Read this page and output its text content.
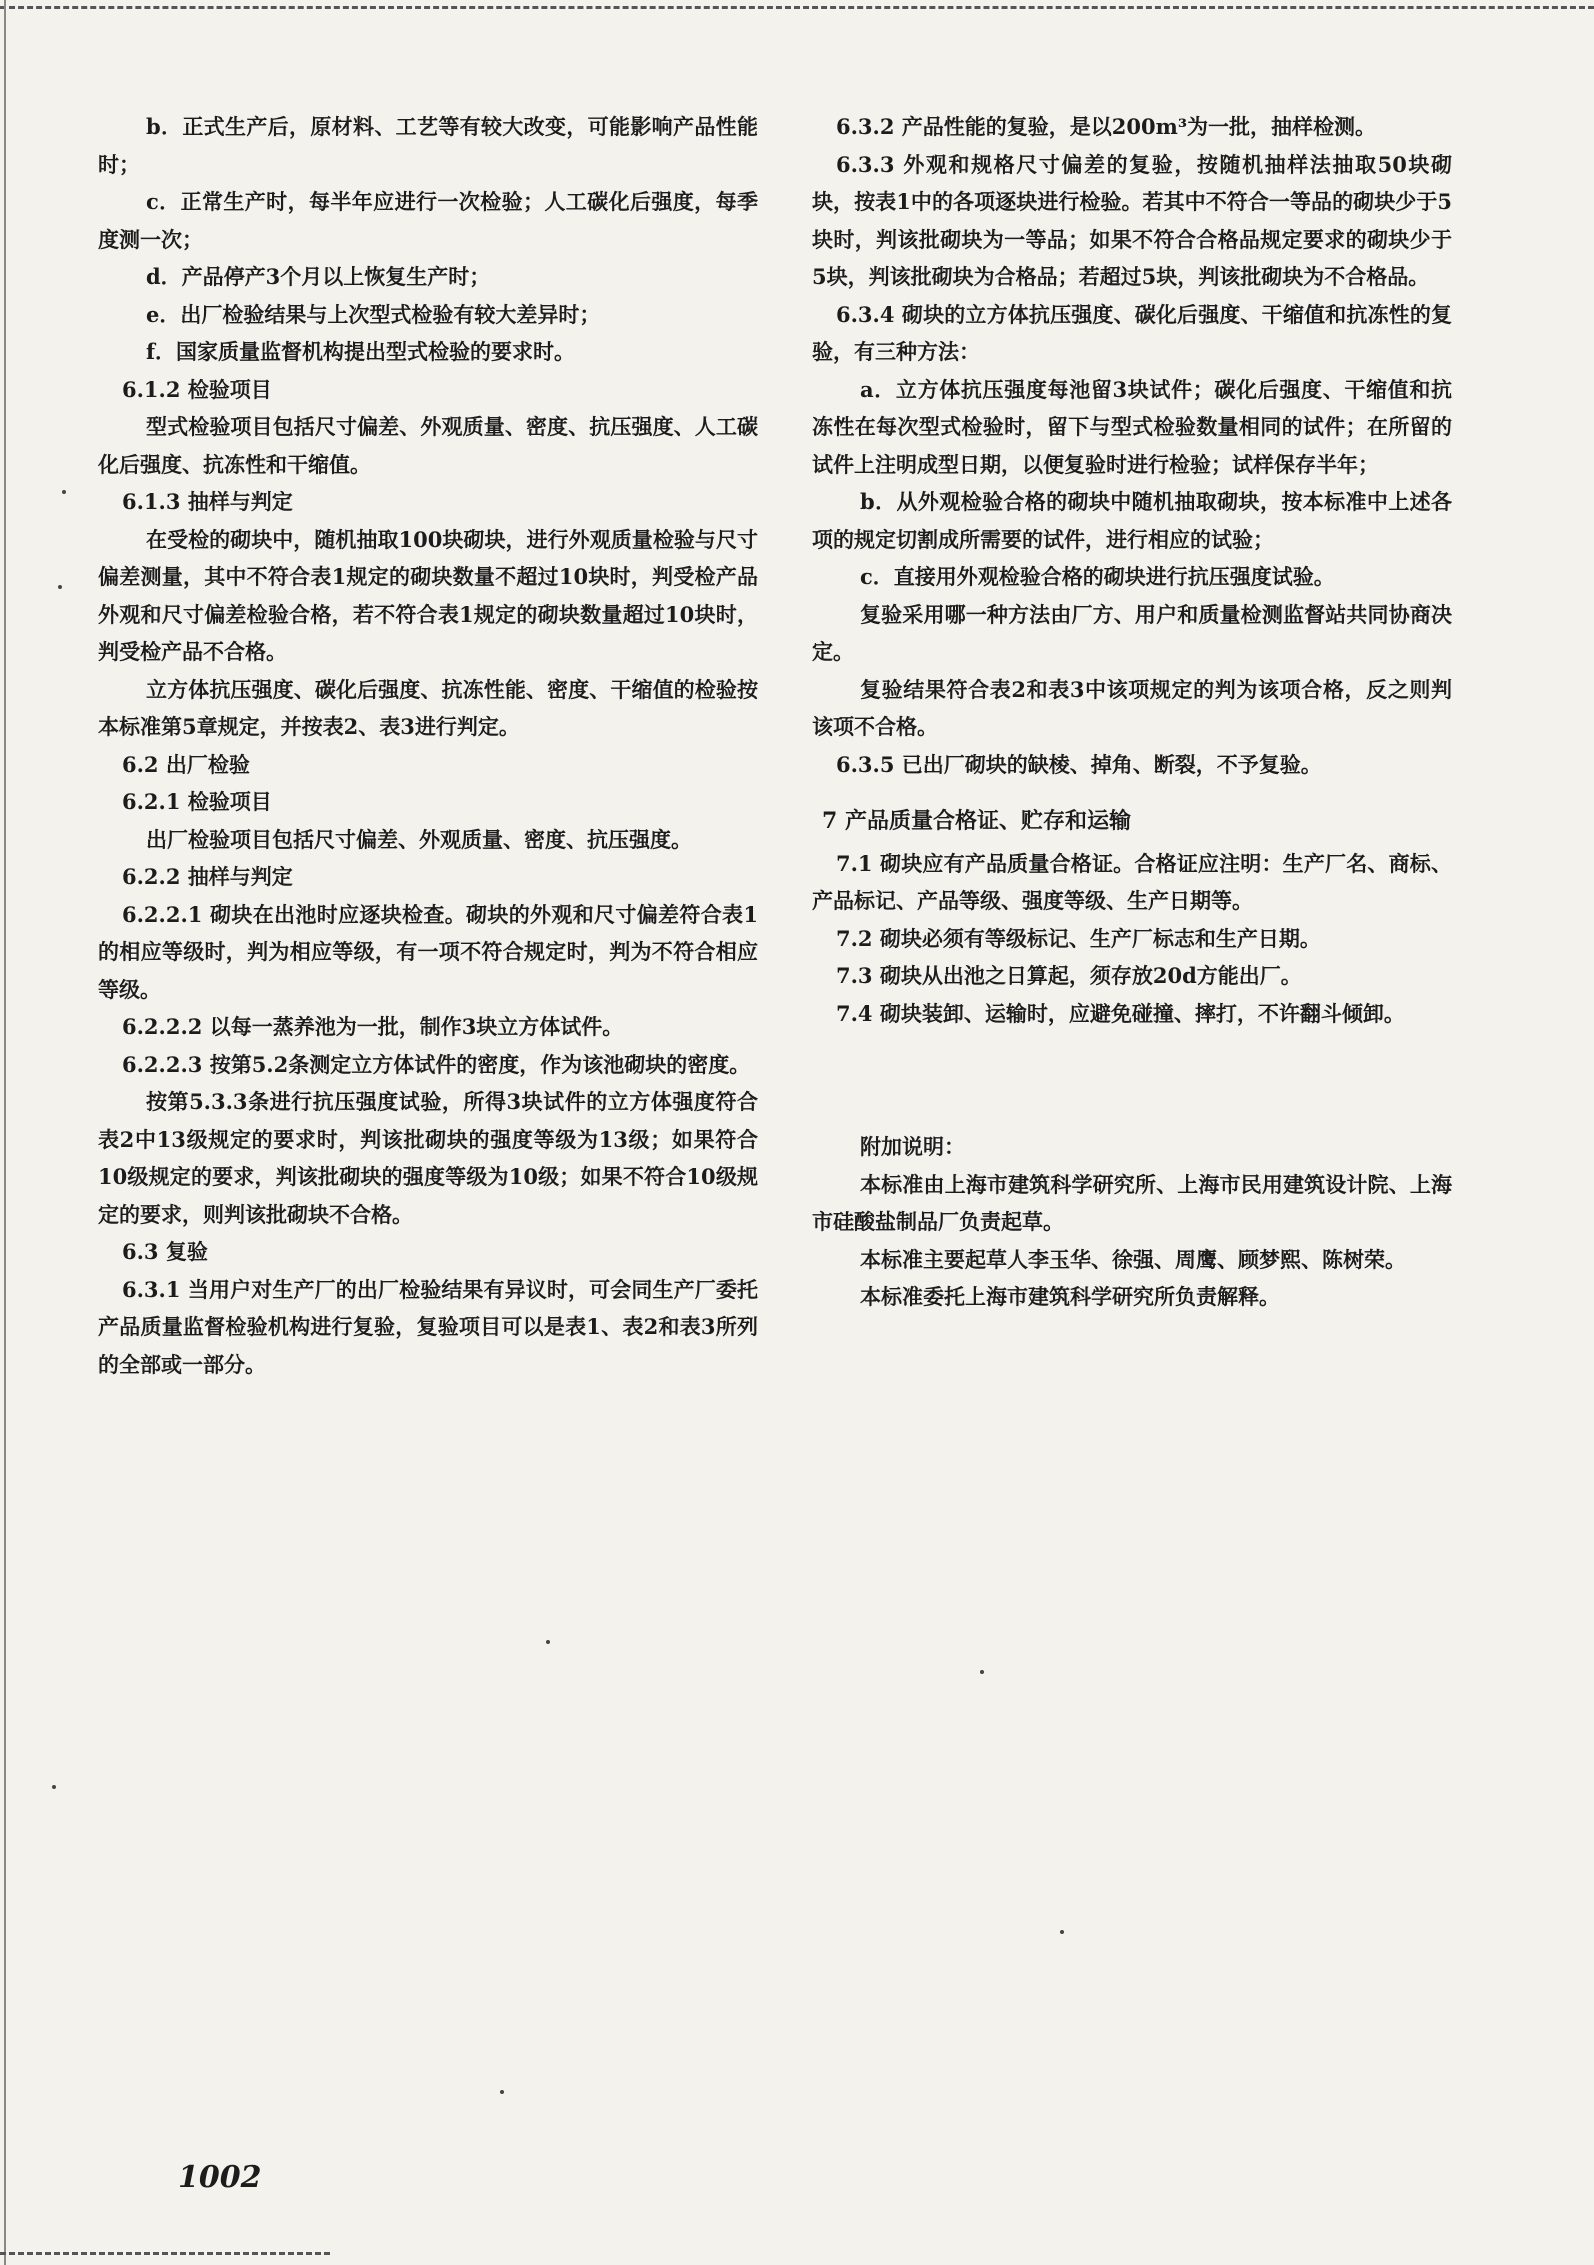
b．正式生产后，原材料、工艺等有较大改变，可能影响产品性能时；

c．正常生产时，每半年应进行一次检验；人工碳化后强度，每季度测一次；

d．产品停产3个月以上恢复生产时；

e．出厂检验结果与上次型式检验有较大差异时；

f．国家质量监督机构提出型式检验的要求时。

6.1.2 检验项目

型式检验项目包括尺寸偏差、外观质量、密度、抗压强度、人工碳化后强度、抗冻性和干缩值。

6.1.3 抽样与判定

在受检的砌块中，随机抽取100块砌块，进行外观质量检验与尺寸偏差测量，其中不符合表1规定的砌块数量不超过10块时，判受检产品外观和尺寸偏差检验合格，若不符合表1规定的砌块数量超过10块时，判受检产品不合格。

立方体抗压强度、碳化后强度、抗冻性能、密度、干缩值的检验按本标准第5章规定，并按表2、表3进行判定。

6.2 出厂检验

6.2.1 检验项目

出厂检验项目包括尺寸偏差、外观质量、密度、抗压强度。

6.2.2 抽样与判定

6.2.2.1 砌块在出池时应逐块检查。砌块的外观和尺寸偏差符合表1的相应等级时，判为相应等级，有一项不符合规定时，判为不符合相应等级。

6.2.2.2 以每一蒸养池为一批，制作3块立方体试件。

6.2.2.3 按第5.2条测定立方体试件的密度，作为该池砌块的密度。

按第5.3.3条进行抗压强度试验，所得3块试件的立方体强度符合表2中13级规定的要求时，判该批砌块的强度等级为13级；如果符合10级规定的要求，判该批砌块的强度等级为10级；如果不符合10级规定的要求，则判该批砌块不合格。

6.3 复验

6.3.1 当用户对生产厂的出厂检验结果有异议时，可会同生产厂委托产品质量监督检验机构进行复验，复验项目可以是表1、表2和表3所列的全部或一部分。

6.3.2 产品性能的复验，是以200m³为一批，抽样检测。

6.3.3 外观和规格尺寸偏差的复验，按随机抽样法抽取50块砌块，按表1中的各项逐块进行检验。若其中不符合一等品的砌块少于5块时，判该批砌块为一等品；如果不符合合格品规定要求的砌块少于5块，判该批砌块为合格品；若超过5块，判该批砌块为不合格品。

6.3.4 砌块的立方体抗压强度、碳化后强度、干缩值和抗冻性的复验，有三种方法：

a．立方体抗压强度每池留3块试件；碳化后强度、干缩值和抗冻性在每次型式检验时，留下与型式检验数量相同的试件；在所留的试件上注明成型日期，以便复验时进行检验；试样保存半年；

b．从外观检验合格的砌块中随机抽取砌块，按本标准中上述各项的规定切割成所需要的试件，进行相应的试验；

c．直接用外观检验合格的砌块进行抗压强度试验。

复验采用哪一种方法由厂方、用户和质量检测监督站共同协商决定。

复验结果符合表2和表3中该项规定的判为该项合格，反之则判该项不合格。

6.3.5 已出厂砌块的缺棱、掉角、断裂，不予复验。

7 产品质量合格证、贮存和运输

7.1 砌块应有产品质量合格证。合格证应注明：生产厂名、商标、产品标记、产品等级、强度等级、生产日期等。

7.2 砌块必须有等级标记、生产厂标志和生产日期。

7.3 砌块从出池之日算起，须存放20d方能出厂。

7.4 砌块装卸、运输时，应避免碰撞、摔打，不许翻斗倾卸。

附加说明：

本标准由上海市建筑科学研究所、上海市民用建筑设计院、上海市硅酸盐制品厂负责起草。

本标准主要起草人李玉华、徐强、周鹰、顾梦熙、陈树荣。

本标准委托上海市建筑科学研究所负责解释。

1002
